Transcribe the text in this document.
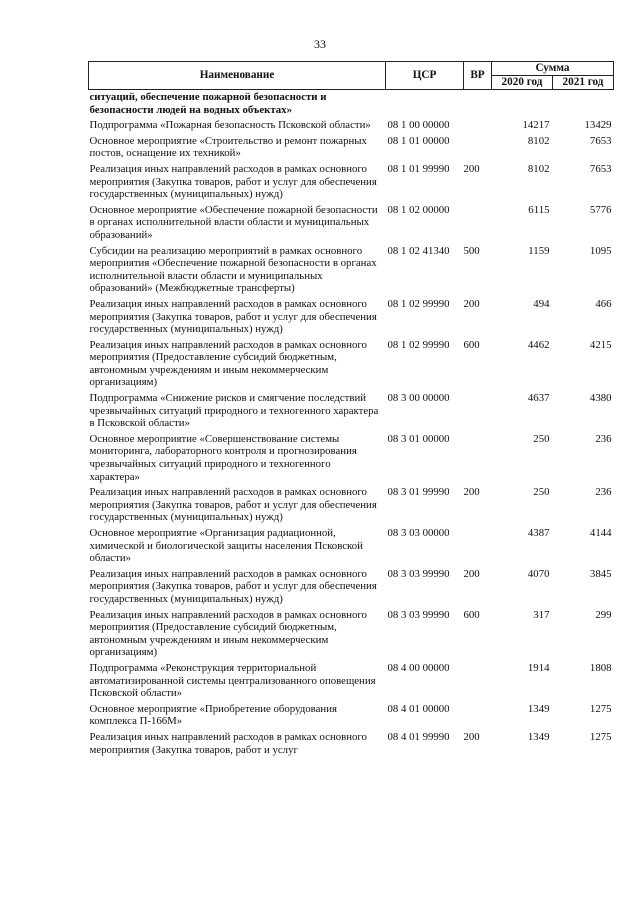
33
Наименование	ЦСР	ВР	Сумма	
			2020 год	2021 год
ситуаций, обеспечение пожарной безопасности и безопасности людей на водных объектах»				
Подпрограмма «Пожарная безопасность Псковской области»	08 1 00 00000		14217	13429
Основное мероприятие «Строительство и ремонт пожарных постов, оснащение их техникой»	08 1 01 00000		8102	7653
Реализация иных направлений расходов в рамках основного мероприятия (Закупка товаров, работ и услуг для обеспечения государственных (муниципальных) нужд)	08 1 01 99990	200	8102	7653
Основное мероприятие «Обеспечение пожарной безопасности в органах исполнительной власти области и муниципальных образований»	08 1 02 00000		6115	5776
Субсидии на реализацию мероприятий в рамках основного мероприятия «Обеспечение пожарной безопасности в органах исполнительной власти области и муниципальных образований» (Межбюджетные трансферты)	08 1 02 41340	500	1159	1095
Реализация иных направлений расходов в рамках основного мероприятия (Закупка товаров, работ и услуг для обеспечения государственных (муниципальных) нужд)	08 1 02 99990	200	494	466
Реализация иных направлений расходов в рамках основного мероприятия (Предоставление субсидий бюджетным, автономным учреждениям и иным некоммерческим организациям)	08 1 02 99990	600	4462	4215
Подпрограмма «Снижение рисков и смягчение последствий чрезвычайных ситуаций природного и техногенного характера в Псковской области»	08 3 00 00000		4637	4380
Основное мероприятие «Совершенствование системы мониторинга, лабораторного контроля и прогнозирования чрезвычайных ситуаций природного и техногенного характера»	08 3 01 00000		250	236
Реализация иных направлений расходов в рамках основного мероприятия (Закупка товаров, работ и услуг для обеспечения государственных (муниципальных) нужд)	08 3 01 99990	200	250	236
Основное мероприятие «Организация радиационной, химической и биологической защиты населения Псковской области»	08 3 03 00000		4387	4144
Реализация иных направлений расходов в рамках основного мероприятия (Закупка товаров, работ и услуг для обеспечения государственных (муниципальных) нужд)	08 3 03 99990	200	4070	3845
Реализация иных направлений расходов в рамках основного мероприятия (Предоставление субсидий бюджетным, автономным учреждениям и иным некоммерческим организациям)	08 3 03 99990	600	317	299
Подпрограмма «Реконструкция территориальной автоматизированной системы централизованного оповещения Псковской области»	08 4 00 00000		1914	1808
Основное мероприятие «Приобретение оборудования комплекса П-166М»	08 4 01 00000		1349	1275
Реализация иных направлений расходов в рамках основного мероприятия (Закупка товаров, работ и услуг	08 4 01 99990	200	1349	1275
